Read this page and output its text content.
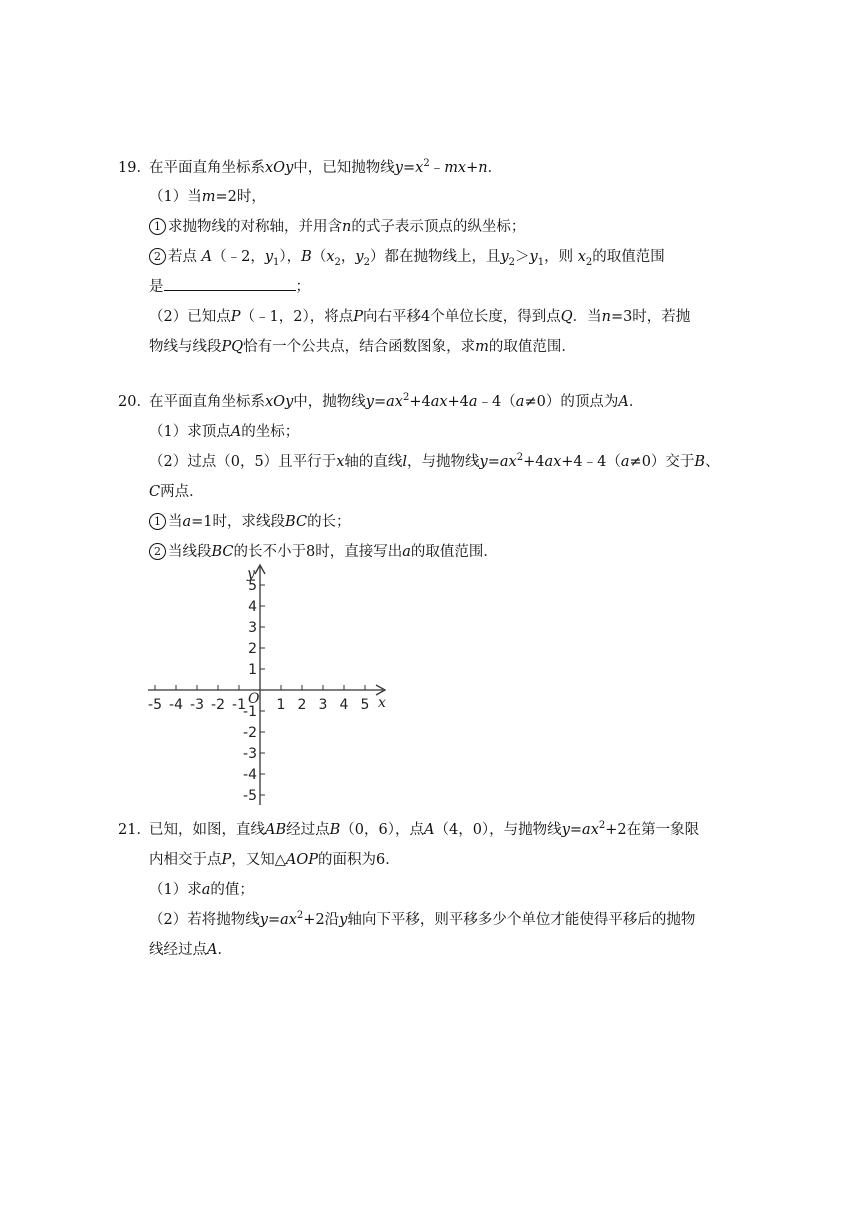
19．
在平面直角坐标系xOy中，已知抛物线$y=x^2﹣mx+n$．
（1）当m=2时，
1 求抛物线的对称轴，并用含n的式子表示顶点的纵坐标；
2 若点 A（﹣2，$y_1$），$B(x_2$，$y_2$）都在抛物线上，且$y_2>y_1$，则 $x_2$的取值范围
是	；
（2）已知点P（﹣1，2），将点P向右平移4个单位长度，得到点Q．当n=3时，若抛
物线与线段PQ恰有一个公共点，结合函数图象，求m的取值范围．
20．
在平面直角坐标系xOy中，抛物线$y=ax^2+4ax+4a﹣4(a\ne 0)$的顶点为A．
（1）求顶点A的坐标；
（2）过点（0，5）且平行于x轴的直线l，与抛物线$y=ax^2+4ax+4﹣4(a\ne 0)$交于B、
C两点．
1 当a=1时，求线段BC的长；
2 当线段BC的长不小于8时，直接写出a的取值范围．
-5 -4 -3 -2 -1 1 2 3 4 5
5
4
3
2
1
-1
-2
-3
-4
-5
x
y
O
21．
已知，如图，直线AB经过点B（0，6），点A（4，0），与抛物线$y=ax^2+2$在第一象限
内相交于点P，又知△AOP的面积为6．
（1）求a的值；
（2）若将抛物线$y=ax^2+2$沿y轴向下平移，则平移多少个单位才能使得平移后的抛物
线经过点A．
